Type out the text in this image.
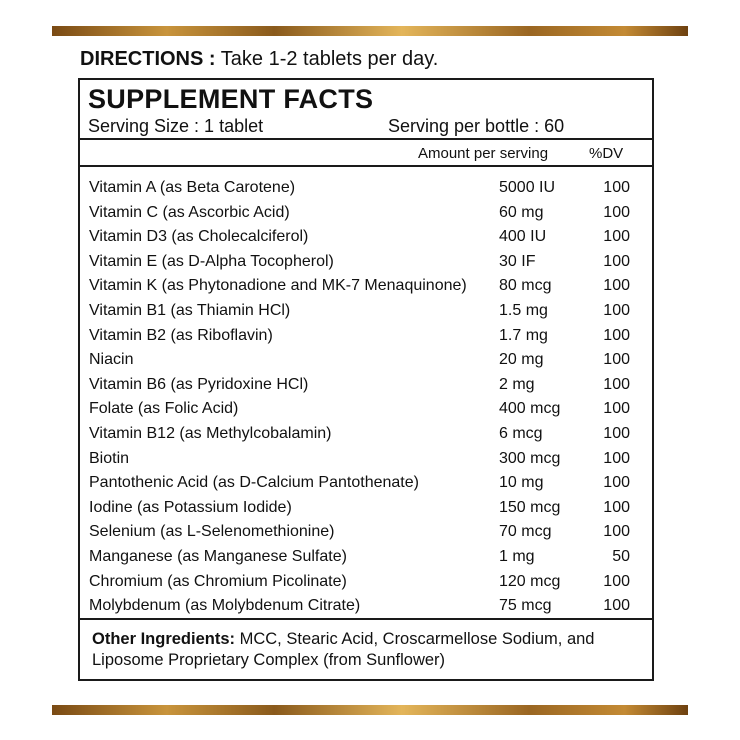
DIRECTIONS : Take 1-2 tablets per day.
SUPPLEMENT FACTS
Serving Size : 1 tablet	Serving per bottle : 60
Amount per serving	%DV
Vitamin A (as Beta Carotene)	5000 IU	100
Vitamin C (as Ascorbic Acid)	60 mg	100
Vitamin D3 (as Cholecalciferol)	400 IU	100
Vitamin E (as D-Alpha Tocopherol)	30 IF	100
Vitamin K (as Phytonadione and MK-7 Menaquinone) 80 mcg	100
Vitamin B1 (as Thiamin HCl)	1.5 mg	100
Vitamin B2 (as Riboflavin)	1.7 mg	100
Niacin	20 mg	100
Vitamin B6 (as Pyridoxine HCl)	2 mg	100
Folate (as Folic Acid)	400 mcg	100
Vitamin B12 (as Methylcobalamin)	6 mcg	100
Biotin	300 mcg	100
Pantothenic Acid (as D-Calcium Pantothenate)	10 mg	100
Iodine (as Potassium Iodide)	150 mcg	100
Selenium (as L-Selenomethionine)	70 mcg	100
Manganese (as Manganese Sulfate)	1 mg	50
Chromium (as Chromium Picolinate)	120 mcg	100
Molybdenum (as Molybdenum Citrate)	75 mcg	100
Other Ingredients: MCC, Stearic Acid, Croscarmellose Sodium, and Liposome Proprietary Complex (from Sunflower)
